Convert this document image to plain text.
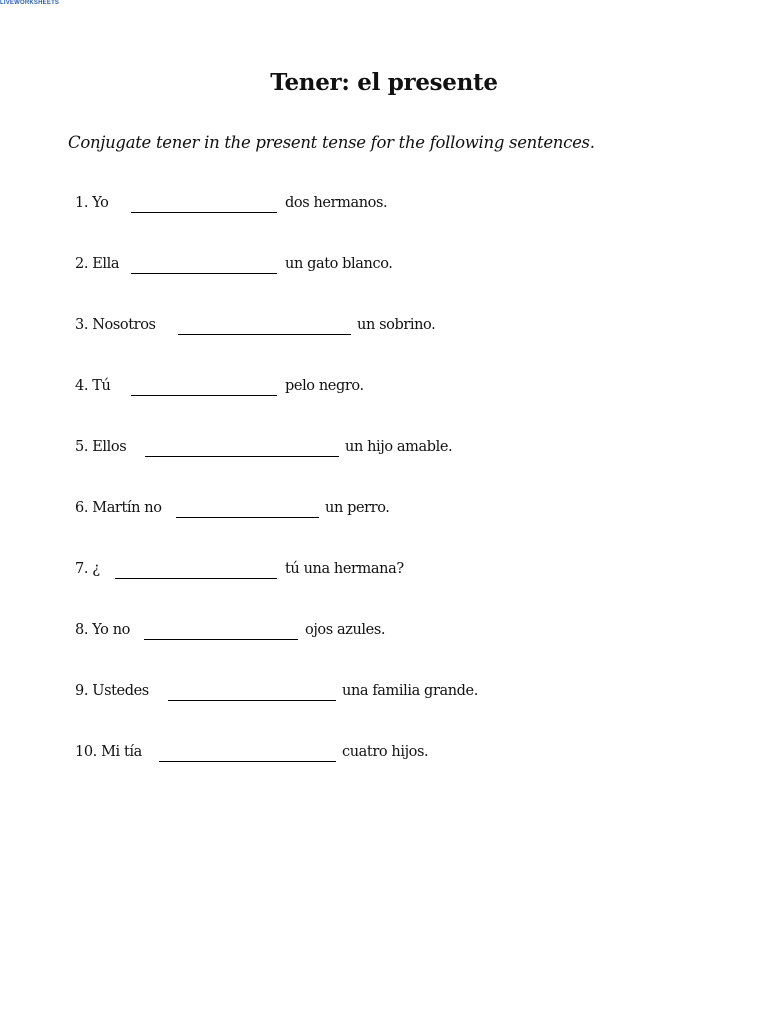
LIVEWORKSHEETS
Tener: el presente

Conjugate tener in the present tense for the following sentences.

1. Yo	dos hermanos.
2. Ella	un gato blanco.
3. Nosotros	un sobrino.
4. Tú	pelo negro.
5. Ellos	un hijo amable.
6. Martín no	un perro.
7. ¿	tú una hermana?
8. Yo no	ojos azules.
9. Ustedes	una familia grande.
10. Mi tía	cuatro hijos.
